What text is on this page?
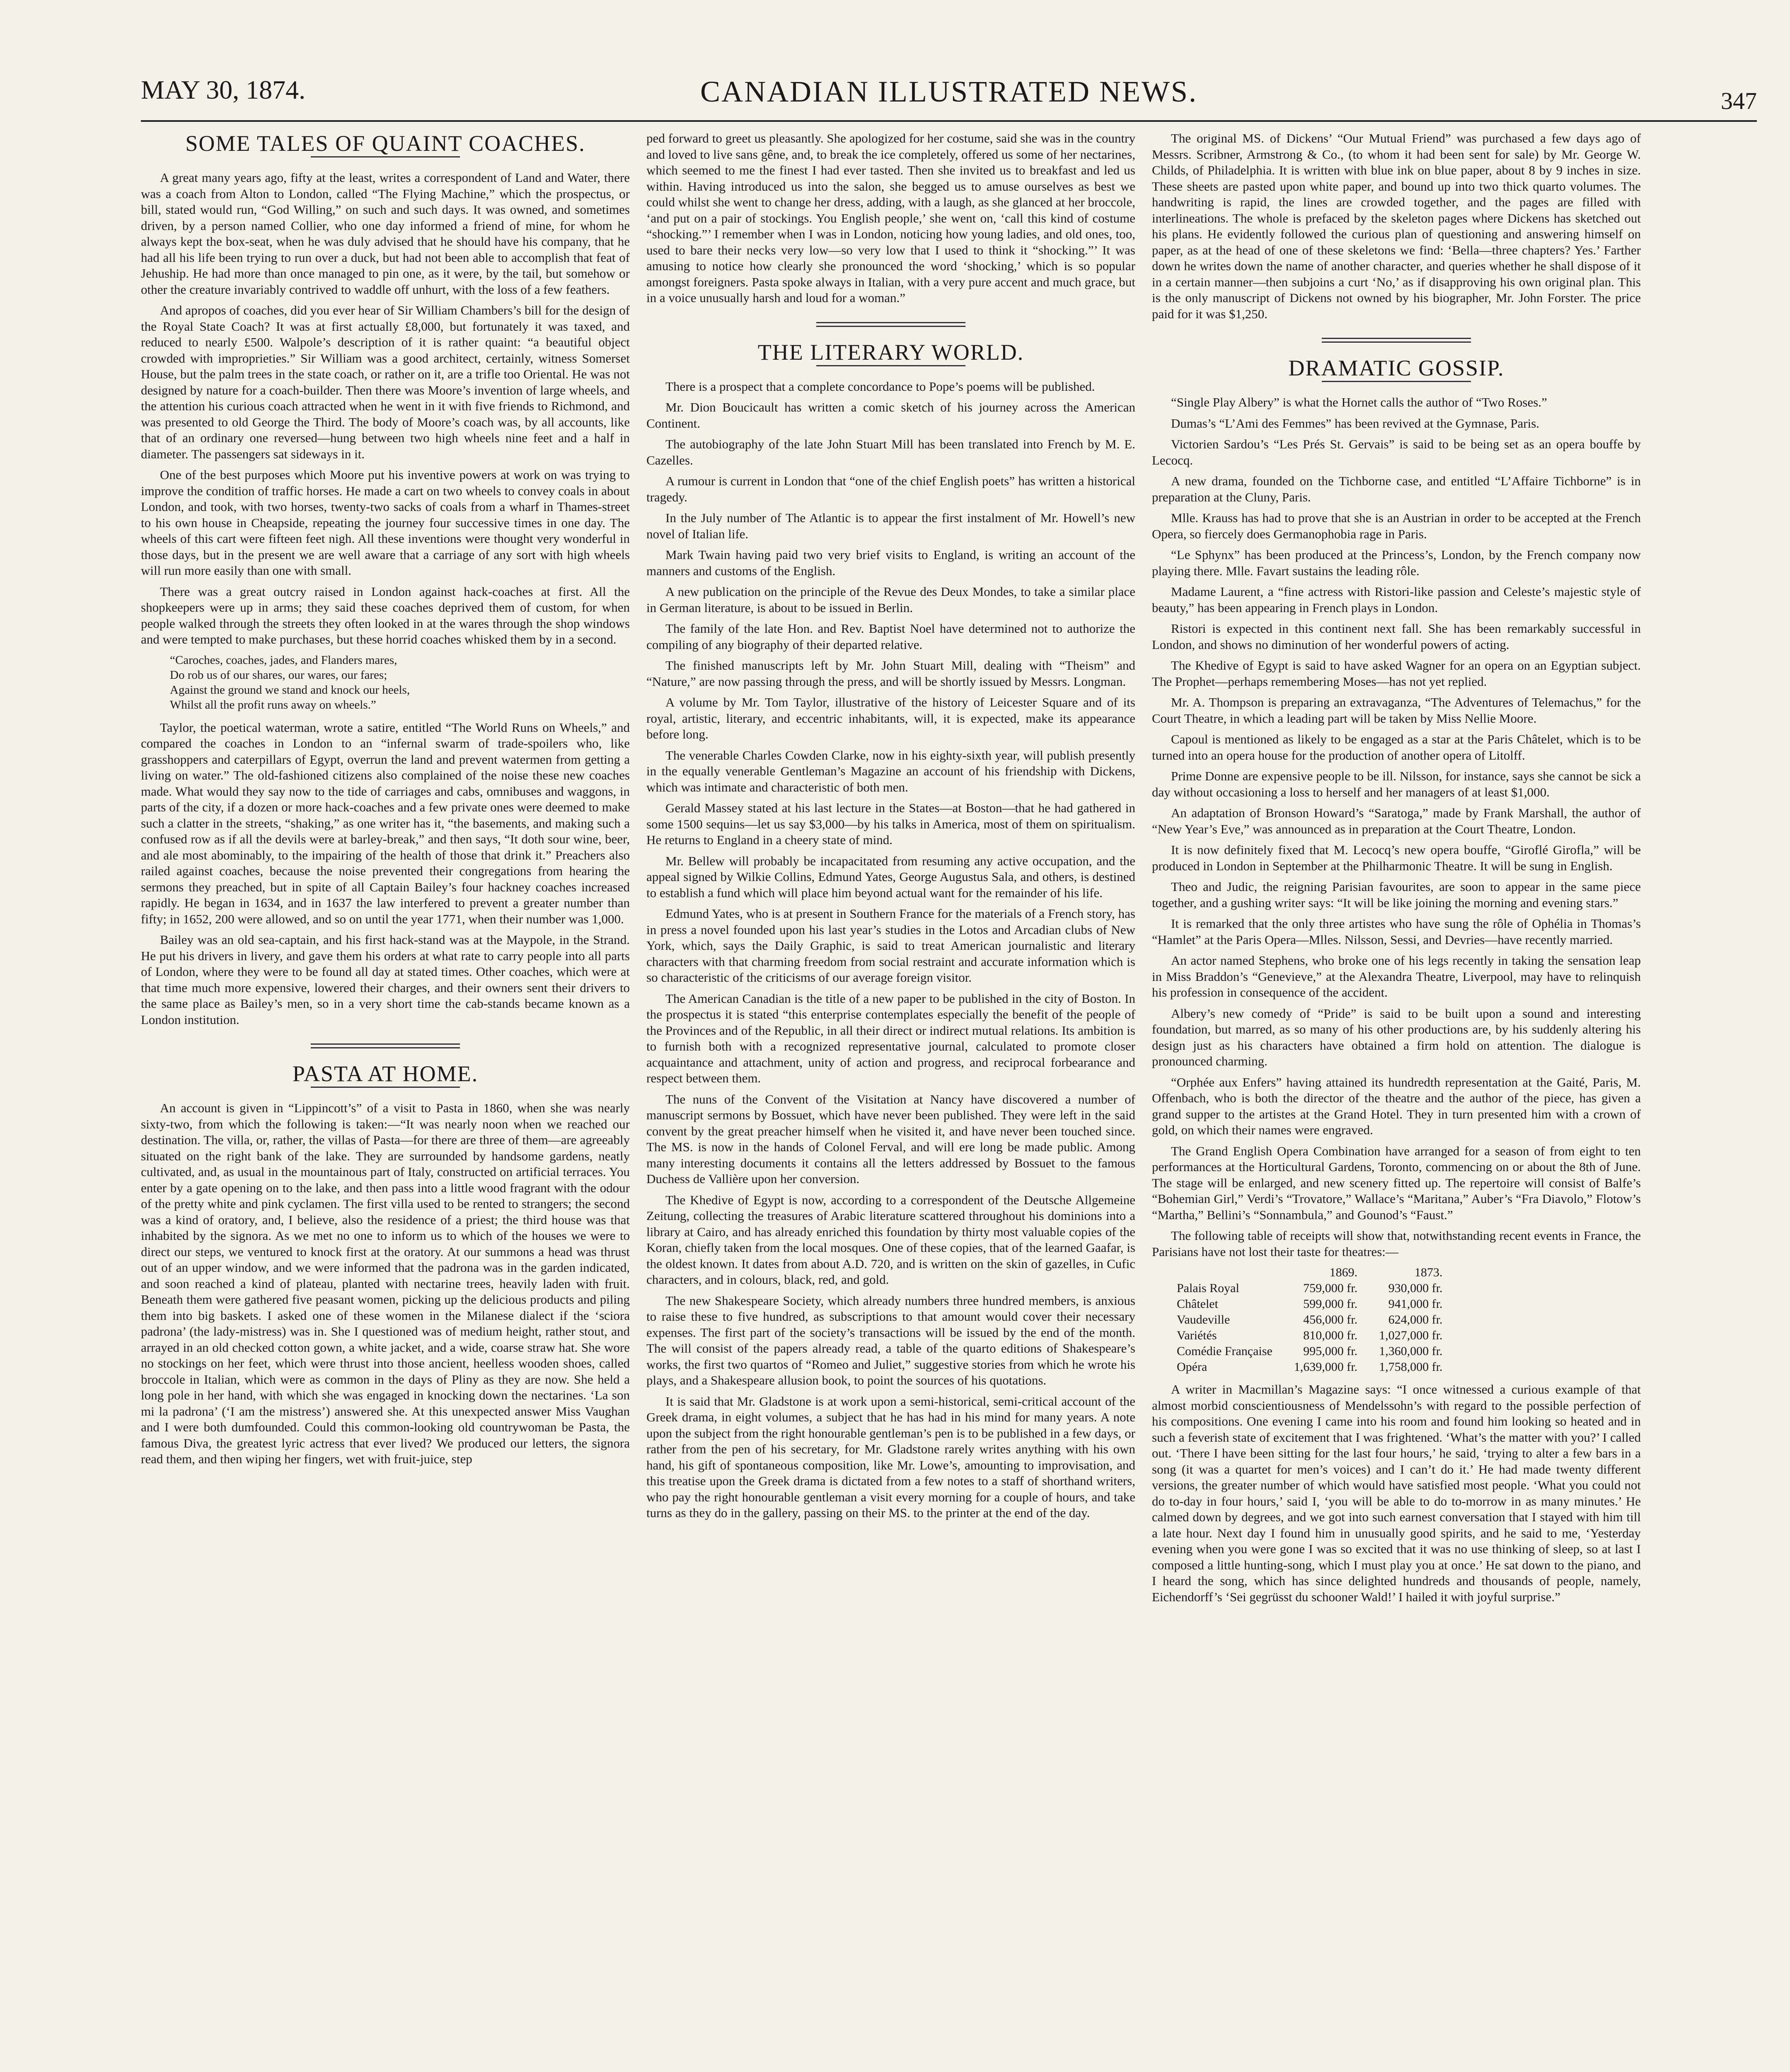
MAY 30, 1874.	CANADIAN ILLUSTRATED NEWS.	347
SOME TALES OF QUAINT COACHES.

A great many years ago, fifty at the least, writes a correspondent of Land and Water, there was a coach from Alton to London, called “The Flying Machine,” which the prospectus, or bill, stated would run, “God Willing,” on such and such days. It was owned, and sometimes driven, by a person named Collier, who one day informed a friend of mine, for whom he always kept the box-seat, when he was duly advised that he should have his company, that he had all his life been trying to run over a duck, but had not been able to accomplish that feat of Jehuship. He had more than once managed to pin one, as it were, by the tail, but somehow or other the creature invariably contrived to waddle off unhurt, with the loss of a few feathers.

And apropos of coaches, did you ever hear of Sir William Chambers’s bill for the design of the Royal State Coach? It was at first actually £8,000, but fortunately it was taxed, and reduced to nearly £500. Walpole’s description of it is rather quaint: “a beautiful object crowded with improprieties.” Sir William was a good architect, certainly, witness Somerset House, but the palm trees in the state coach, or rather on it, are a trifle too Oriental. He was not designed by nature for a coach-builder. Then there was Moore’s invention of large wheels, and the attention his curious coach attracted when he went in it with five friends to Richmond, and was presented to old George the Third. The body of Moore’s coach was, by all accounts, like that of an ordinary one reversed—hung between two high wheels nine feet and a half in diameter. The passengers sat sideways in it.

One of the best purposes which Moore put his inventive powers at work on was trying to improve the condition of traffic horses. He made a cart on two wheels to convey coals in about London, and took, with two horses, twenty-two sacks of coals from a wharf in Thames-street to his own house in Cheapside, repeating the journey four successive times in one day. The wheels of this cart were fifteen feet nigh. All these inventions were thought very wonderful in those days, but in the present we are well aware that a carriage of any sort with high wheels will run more easily than one with small.

There was a great outcry raised in London against hack-coaches at first. All the shopkeepers were up in arms; they said these coaches deprived them of custom, for when people walked through the streets they often looked in at the wares through the shop windows and were tempted to make purchases, but these horrid coaches whisked them by in a second.

“Caroches, coaches, jades, and Flanders mares,
Do rob us of our shares, our wares, our fares;
Against the ground we stand and knock our heels,
Whilst all the profit runs away on wheels.”

Taylor, the poetical waterman, wrote a satire, entitled “The World Runs on Wheels,” and compared the coaches in London to an “infernal swarm of trade-spoilers who, like grasshoppers and caterpillars of Egypt, overrun the land and prevent watermen from getting a living on water.” The old-fashioned citizens also complained of the noise these new coaches made. What would they say now to the tide of carriages and cabs, omnibuses and waggons, in parts of the city, if a dozen or more hack-coaches and a few private ones were deemed to make such a clatter in the streets, “shaking,” as one writer has it, “the basements, and making such a confused row as if all the devils were at barley-break,” and then says, “It doth sour wine, beer, and ale most abominably, to the impairing of the health of those that drink it.” Preachers also railed against coaches, because the noise prevented their congregations from hearing the sermons they preached, but in spite of all Captain Bailey’s four hackney coaches increased rapidly. He began in 1634, and in 1637 the law interfered to prevent a greater number than fifty; in 1652, 200 were allowed, and so on until the year 1771, when their number was 1,000.

Bailey was an old sea-captain, and his first hack-stand was at the Maypole, in the Strand. He put his drivers in livery, and gave them his orders at what rate to carry people into all parts of London, where they were to be found all day at stated times. Other coaches, which were at that time much more expensive, lowered their charges, and their owners sent their drivers to the same place as Bailey’s men, so in a very short time the cab-stands became known as a London institution.

PASTA AT HOME.

An account is given in “Lippincott’s” of a visit to Pasta in 1860, when she was nearly sixty-two, from which the following is taken:—“It was nearly noon when we reached our destination. The villa, or, rather, the villas of Pasta—for there are three of them—are agreeably situated on the right bank of the lake. They are surrounded by handsome gardens, neatly cultivated, and, as usual in the mountainous part of Italy, constructed on artificial terraces. You enter by a gate opening on to the lake, and then pass into a little wood fragrant with the odour of the pretty white and pink cyclamen. The first villa used to be rented to strangers; the second was a kind of oratory, and, I believe, also the residence of a priest; the third house was that inhabited by the signora. As we met no one to inform us to which of the houses we were to direct our steps, we ventured to knock first at the oratory. At our summons a head was thrust out of an upper window, and we were informed that the padrona was in the garden indicated, and soon reached a kind of plateau, planted with nectarine trees, heavily laden with fruit. Beneath them were gathered five peasant women, picking up the delicious products and piling them into big baskets. I asked one of these women in the Milanese dialect if the ‘sciora padrona’ (the lady-mistress) was in. She I questioned was of medium height, rather stout, and arrayed in an old checked cotton gown, a white jacket, and a wide, coarse straw hat. She wore no stockings on her feet, which were thrust into those ancient, heelless wooden shoes, called broccole in Italian, which were as common in the days of Pliny as they are now. She held a long pole in her hand, with which she was engaged in knocking down the nectarines. ‘La son mi la padrona’ (‘I am the mistress’) answered she. At this unexpected answer Miss Vaughan and I were both dumfounded. Could this common-looking old countrywoman be Pasta, the famous Diva, the greatest lyric actress that ever lived? We produced our letters, the signora read them, and then wiping her fingers, wet with fruit-juice, step

ped forward to greet us pleasantly. She apologized for her costume, said she was in the country and loved to live sans gêne, and, to break the ice completely, offered us some of her nectarines, which seemed to me the finest I had ever tasted. Then she invited us to breakfast and led us within. Having introduced us into the salon, she begged us to amuse ourselves as best we could whilst she went to change her dress, adding, with a laugh, as she glanced at her broccole, ‘and put on a pair of stockings. You English people,’ she went on, ‘call this kind of costume “shocking.”’ I remember when I was in London, noticing how young ladies, and old ones, too, used to bare their necks very low—so very low that I used to think it “shocking.”’ It was amusing to notice how clearly she pronounced the word ‘shocking,’ which is so popular amongst foreigners. Pasta spoke always in Italian, with a very pure accent and much grace, but in a voice unusually harsh and loud for a woman.”

THE LITERARY WORLD.

There is a prospect that a complete concordance to Pope’s poems will be published.

Mr. Dion Boucicault has written a comic sketch of his journey across the American Continent.

The autobiography of the late John Stuart Mill has been translated into French by M. E. Cazelles.

A rumour is current in London that “one of the chief English poets” has written a historical tragedy.

In the July number of The Atlantic is to appear the first instalment of Mr. Howell’s new novel of Italian life.

Mark Twain having paid two very brief visits to England, is writing an account of the manners and customs of the English.

A new publication on the principle of the Revue des Deux Mondes, to take a similar place in German literature, is about to be issued in Berlin.

The family of the late Hon. and Rev. Baptist Noel have determined not to authorize the compiling of any biography of their departed relative.

The finished manuscripts left by Mr. John Stuart Mill, dealing with “Theism” and “Nature,” are now passing through the press, and will be shortly issued by Messrs. Longman.

A volume by Mr. Tom Taylor, illustrative of the history of Leicester Square and of its royal, artistic, literary, and eccentric inhabitants, will, it is expected, make its appearance before long.

The venerable Charles Cowden Clarke, now in his eighty-sixth year, will publish presently in the equally venerable Gentleman’s Magazine an account of his friendship with Dickens, which was intimate and characteristic of both men.

Gerald Massey stated at his last lecture in the States—at Boston—that he had gathered in some 1500 sequins—let us say $3,000—by his talks in America, most of them on spiritualism. He returns to England in a cheery state of mind.

Mr. Bellew will probably be incapacitated from resuming any active occupation, and the appeal signed by Wilkie Collins, Edmund Yates, George Augustus Sala, and others, is destined to establish a fund which will place him beyond actual want for the remainder of his life.

Edmund Yates, who is at present in Southern France for the materials of a French story, has in press a novel founded upon his last year’s studies in the Lotos and Arcadian clubs of New York, which, says the Daily Graphic, is said to treat American journalistic and literary characters with that charming freedom from social restraint and accurate information which is so characteristic of the criticisms of our average foreign visitor.

The American Canadian is the title of a new paper to be published in the city of Boston. In the prospectus it is stated “this enterprise contemplates especially the benefit of the people of the Provinces and of the Republic, in all their direct or indirect mutual relations. Its ambition is to furnish both with a recognized representative journal, calculated to promote closer acquaintance and attachment, unity of action and progress, and reciprocal forbearance and respect between them.

The nuns of the Convent of the Visitation at Nancy have discovered a number of manuscript sermons by Bossuet, which have never been published. They were left in the said convent by the great preacher himself when he visited it, and have never been touched since. The MS. is now in the hands of Colonel Ferval, and will ere long be made public. Among many interesting documents it contains all the letters addressed by Bossuet to the famous Duchess de Vallière upon her conversion.

The Khedive of Egypt is now, according to a correspondent of the Deutsche Allgemeine Zeitung, collecting the treasures of Arabic literature scattered throughout his dominions into a library at Cairo, and has already enriched this foundation by thirty most valuable copies of the Koran, chiefly taken from the local mosques. One of these copies, that of the learned Gaafar, is the oldest known. It dates from about A.D. 720, and is written on the skin of gazelles, in Cufic characters, and in colours, black, red, and gold.

The new Shakespeare Society, which already numbers three hundred members, is anxious to raise these to five hundred, as subscriptions to that amount would cover their necessary expenses. The first part of the society’s transactions will be issued by the end of the month. The will consist of the papers already read, a table of the quarto editions of Shakespeare’s works, the first two quartos of “Romeo and Juliet,” suggestive stories from which he wrote his plays, and a Shakespeare allusion book, to point the sources of his quotations.

It is said that Mr. Gladstone is at work upon a semi-historical, semi-critical account of the Greek drama, in eight volumes, a subject that he has had in his mind for many years. A note upon the subject from the right honourable gentleman’s pen is to be published in a few days, or rather from the pen of his secretary, for Mr. Gladstone rarely writes anything with his own hand, his gift of spontaneous composition, like Mr. Lowe’s, amounting to improvisation, and this treatise upon the Greek drama is dictated from a few notes to a staff of shorthand writers, who pay the right honourable gentleman a visit every morning for a couple of hours, and take turns as they do in the gallery, passing on their MS. to the printer at the end of the day.

The original MS. of Dickens’ “Our Mutual Friend” was purchased a few days ago of Messrs. Scribner, Armstrong & Co., (to whom it had been sent for sale) by Mr. George W. Childs, of Philadelphia. It is written with blue ink on blue paper, about 8 by 9 inches in size. These sheets are pasted upon white paper, and bound up into two thick quarto volumes. The handwriting is rapid, the lines are crowded together, and the pages are filled with interlineations. The whole is prefaced by the skeleton pages where Dickens has sketched out his plans. He evidently followed the curious plan of questioning and answering himself on paper, as at the head of one of these skeletons we find: ‘Bella—three chapters? Yes.’ Farther down he writes down the name of another character, and queries whether he shall dispose of it in a certain manner—then subjoins a curt ‘No,’ as if disapproving his own original plan. This is the only manuscript of Dickens not owned by his biographer, Mr. John Forster. The price paid for it was $1,250.

DRAMATIC GOSSIP.

“Single Play Albery” is what the Hornet calls the author of “Two Roses.”

Dumas’s “L’Ami des Femmes” has been revived at the Gymnase, Paris.

Victorien Sardou’s “Les Prés St. Gervais” is said to be being set as an opera bouffe by Lecocq.

A new drama, founded on the Tichborne case, and entitled “L’Affaire Tichborne” is in preparation at the Cluny, Paris.

Mlle. Krauss has had to prove that she is an Austrian in order to be accepted at the French Opera, so fiercely does Germanophobia rage in Paris.

“Le Sphynx” has been produced at the Princess’s, London, by the French company now playing there. Mlle. Favart sustains the leading rôle.

Madame Laurent, a “fine actress with Ristori-like passion and Celeste’s majestic style of beauty,” has been appearing in French plays in London.

Ristori is expected in this continent next fall. She has been remarkably successful in London, and shows no diminution of her wonderful powers of acting.

The Khedive of Egypt is said to have asked Wagner for an opera on an Egyptian subject. The Prophet—perhaps remembering Moses—has not yet replied.

Mr. A. Thompson is preparing an extravaganza, “The Adventures of Telemachus,” for the Court Theatre, in which a leading part will be taken by Miss Nellie Moore.

Capoul is mentioned as likely to be engaged as a star at the Paris Châtelet, which is to be turned into an opera house for the production of another opera of Litolff.

Prime Donne are expensive people to be ill. Nilsson, for instance, says she cannot be sick a day without occasioning a loss to herself and her managers of at least $1,000.

An adaptation of Bronson Howard’s “Saratoga,” made by Frank Marshall, the author of “New Year’s Eve,” was announced as in preparation at the Court Theatre, London.

It is now definitely fixed that M. Lecocq’s new opera bouffe, “Giroflé Girofla,” will be produced in London in September at the Philharmonic Theatre. It will be sung in English.

Theo and Judic, the reigning Parisian favourites, are soon to appear in the same piece together, and a gushing writer says: “It will be like joining the morning and evening stars.”

It is remarked that the only three artistes who have sung the rôle of Ophélia in Thomas’s “Hamlet” at the Paris Opera—Mlles. Nilsson, Sessi, and Devries—have recently married.

An actor named Stephens, who broke one of his legs recently in taking the sensation leap in Miss Braddon’s “Genevieve,” at the Alexandra Theatre, Liverpool, may have to relinquish his profession in consequence of the accident.

Albery’s new comedy of “Pride” is said to be built upon a sound and interesting foundation, but marred, as so many of his other productions are, by his suddenly altering his design just as his characters have obtained a firm hold on attention. The dialogue is pronounced charming.

“Orphée aux Enfers” having attained its hundredth representation at the Gaité, Paris, M. Offenbach, who is both the director of the theatre and the author of the piece, has given a grand supper to the artistes at the Grand Hotel. They in turn presented him with a crown of gold, on which their names were engraved.

The Grand English Opera Combination have arranged for a season of from eight to ten performances at the Horticultural Gardens, Toronto, commencing on or about the 8th of June. The stage will be enlarged, and new scenery fitted up. The repertoire will consist of Balfe’s “Bohemian Girl,” Verdi’s “Trovatore,” Wallace’s “Maritana,” Auber’s “Fra Diavolo,” Flotow’s “Martha,” Bellini’s “Sonnambula,” and Gounod’s “Faust.”

The following table of receipts will show that, notwithstanding recent events in France, the Parisians have not lost their taste for theatres:—

	1869.	1873.
Palais Royal	759,000 fr.	930,000 fr.
Châtelet	599,000 fr.	941,000 fr.
Vaudeville	456,000 fr.	624,000 fr.
Variétés	810,000 fr.	1,027,000 fr.
Comédie Française	995,000 fr.	1,360,000 fr.
Opéra	1,639,000 fr.	1,758,000 fr.

A writer in Macmillan’s Magazine says: “I once witnessed a curious example of that almost morbid conscientiousness of Mendelssohn’s with regard to the possible perfection of his compositions. One evening I came into his room and found him looking so heated and in such a feverish state of excitement that I was frightened. ‘What’s the matter with you?’ I called out. ‘There I have been sitting for the last four hours,’ he said, ‘trying to alter a few bars in a song (it was a quartet for men’s voices) and I can’t do it.’ He had made twenty different versions, the greater number of which would have satisfied most people. ‘What you could not do to-day in four hours,’ said I, ‘you will be able to do to-morrow in as many minutes.’ He calmed down by degrees, and we got into such earnest conversation that I stayed with him till a late hour. Next day I found him in unusually good spirits, and he said to me, ‘Yesterday evening when you were gone I was so excited that it was no use thinking of sleep, so at last I composed a little hunting-song, which I must play you at once.’ He sat down to the piano, and I heard the song, which has since delighted hundreds and thousands of people, namely, Eichendorff’s ‘Sei gegrüsst du schooner Wald!’ I hailed it with joyful surprise.”
